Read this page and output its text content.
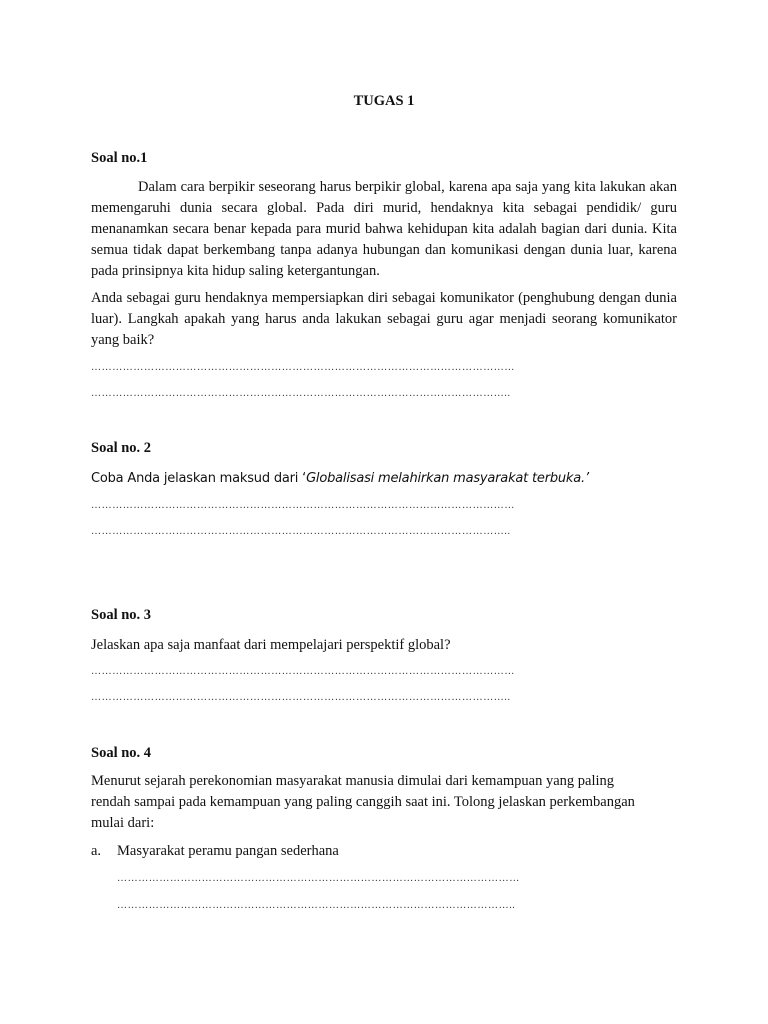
TUGAS 1
Soal no.1
Dalam cara berpikir seseorang harus berpikir global, karena apa saja yang kita lakukan akan memengaruhi dunia secara global. Pada diri murid, hendaknya kita sebagai pendidik/ guru menanamkan secara benar kepada para murid bahwa kehidupan kita adalah bagian dari dunia. Kita semua tidak dapat berkembang tanpa adanya hubungan dan komunikasi dengan dunia luar, karena pada prinsipnya kita hidup saling ketergantungan.
Anda sebagai guru hendaknya mempersiapkan diri sebagai komunikator (penghubung dengan dunia luar). Langkah apakah yang harus anda lakukan sebagai guru agar menjadi seorang komunikator yang baik?
…………………………………………………………………………………………………………
………………………………………………………………………………………………………..
Soal no. 2
Coba Anda jelaskan maksud dari ‘Globalisasi melahirkan masyarakat terbuka.’
…………………………………………………………………………………………………………
………………………………………………………………………………………………………..
Soal no. 3
Jelaskan apa saja manfaat dari mempelajari perspektif global?
…………………………………………………………………………………………………………
………………………………………………………………………………………………………..
Soal no. 4
Menurut sejarah perekonomian masyarakat manusia dimulai dari kemampuan yang paling rendah sampai pada kemampuan yang paling canggih saat ini. Tolong jelaskan perkembangan mulai dari:
a. Masyarakat peramu pangan sederhana
……………………………………………………………………………………………………
…………………………………………………………………………………………………..
